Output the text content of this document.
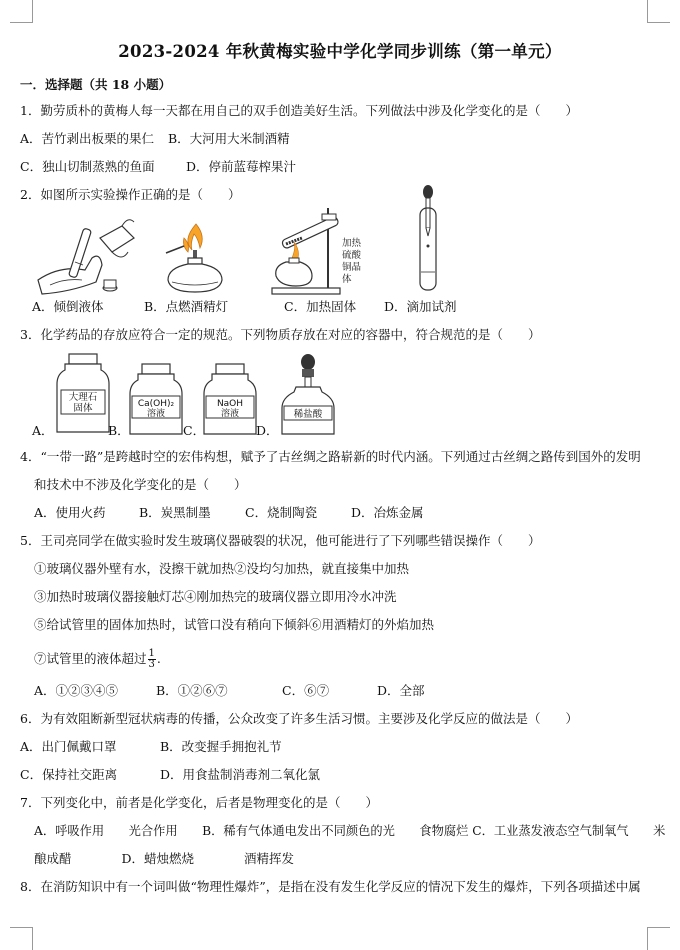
2023-2024 年秋黄梅实验中学化学同步训练（第一单元）
一．选择题（共 18 小题）
1．勤劳质朴的黄梅人每一天都在用自己的双手创造美好生活。下列做法中涉及化学变化的是（　　）
A．苦竹剥出板栗的果仁 B．大河用大米制酒精
C．独山切制蒸熟的鱼面	D．停前蓝莓榨果汁
2．如图所示实验操作正确的是（　　）
加热
硫酸
铜晶
体
A．倾倒液体	B．点燃酒精灯	C．加热固体 D．滴加试剂
3．化学药品的存放应符合一定的规范。下列物质存放在对应的容器中，符合规范的是（　　）
大理石
固体	Ca(OH)₂
溶液
NaOH
溶液	稀盐酸
A．	B．	C．	D．
4．“一带一路”是跨越时空的宏伟构想，赋予了古丝绸之路崭新的时代内涵。下列通过古丝绸之路传到国外的发明
和技术中不涉及化学变化的是（　　）
A．使用火药	B．炭黑制墨	C．烧制陶瓷	D．冶炼金属
5．王司亮同学在做实验时发生玻璃仪器破裂的状况，他可能进行了下列哪些错误操作（　　）
①玻璃仪器外壁有水，没擦干就加热②没均匀加热，就直接集中加热
③加热时玻璃仪器接触灯芯④刚加热完的玻璃仪器立即用冷水冲洗
⑤给试管里的固体加热时，试管口没有稍向下倾斜⑥用酒精灯的外焰加热
⑦试管里的液体超过 $\frac{1}{3}$ .
A．①②③④⑤	B．①②⑥⑦	C．⑥⑦	D．全部
6．为有效阻断新型冠状病毒的传播，公众改变了许多生活习惯。主要涉及化学反应的做法是（　　）
A．出门佩戴口罩	B．改变握手拥抱礼节
C．保持社交距离	D．用食盐制消毒剂二氧化氯
7．下列变化中，前者是化学变化，后者是物理变化的是（　　）
A．呼吸作用　　光合作用　　B．稀有气体通电发出不同颜色的光　　食物腐烂 C．工业蒸发液态空气制氧气　　米
酿成醋　　　　D．蜡烛燃烧　　　　酒精挥发
8．在消防知识中有一个词叫做“物理性爆炸”，是指在没有发生化学反应的情况下发生的爆炸，下列各项描述中属
